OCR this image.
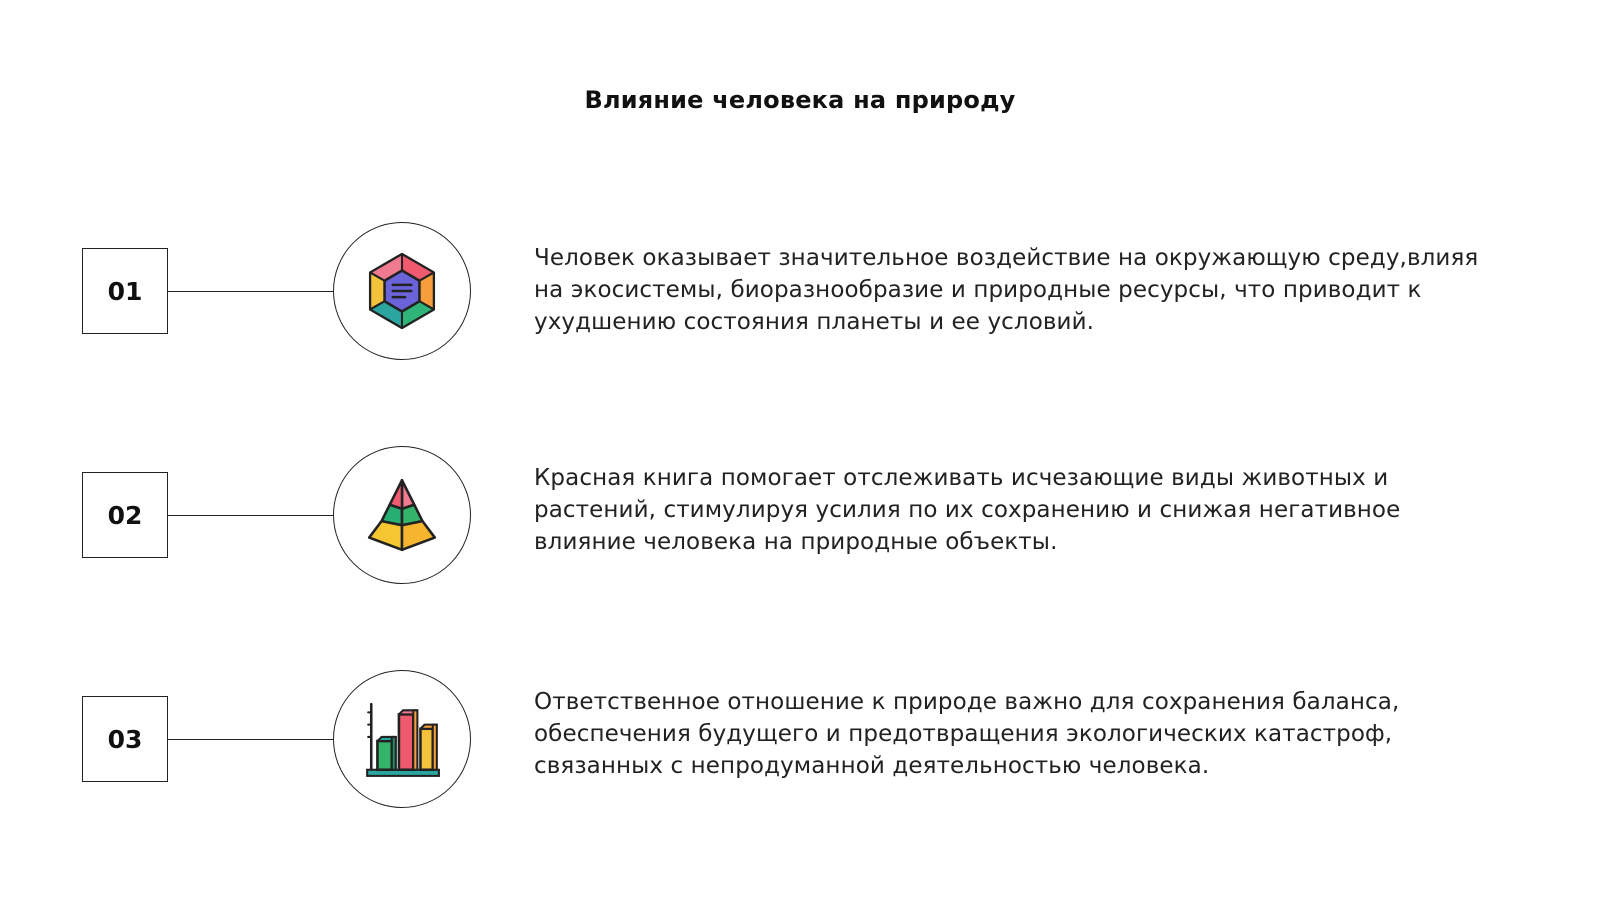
Влияние человека на природу
01
Человек оказывает значительное воздействие на окружающую среду,влияя на экосистемы, биоразнообразие и природные ресурсы, что приводит к ухудшению состояния планеты и ее условий.
02
Красная книга помогает отслеживать исчезающие виды животных и растений, стимулируя усилия по их сохранению и снижая негативное влияние человека на природные объекты.
03
Ответственное отношение к природе важно для сохранения баланса, обеспечения будущего и предотвращения экологических катастроф, связанных с непродуманной деятельностью человека.
